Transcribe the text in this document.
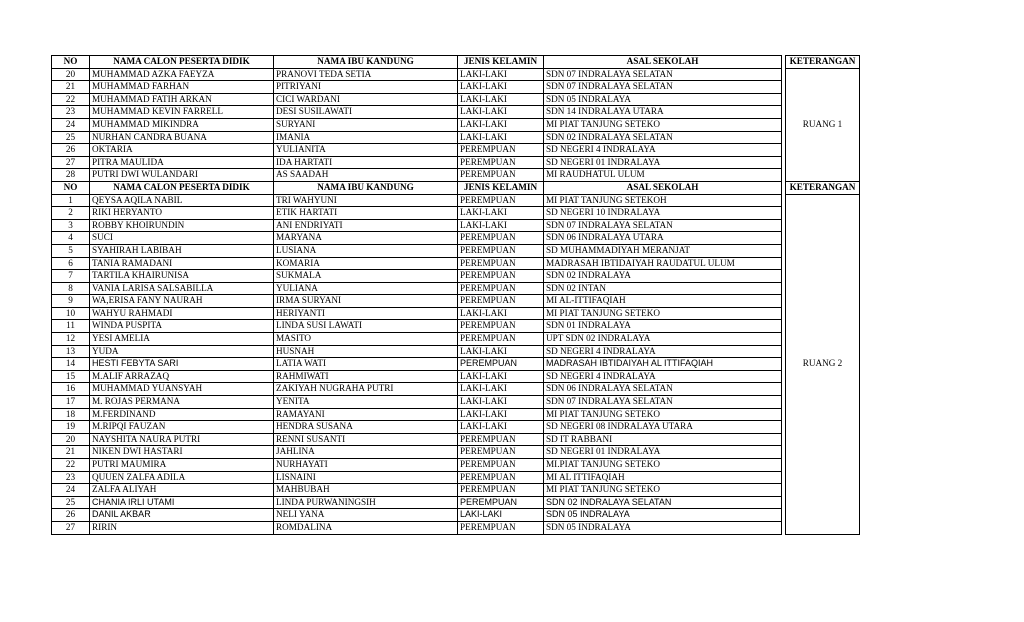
NO	NAMA CALON PESERTA DIDIK	NAMA IBU KANDUNG	JENIS KELAMIN	ASAL SEKOLAH		KETERANGAN
20	MUHAMMAD AZKA FAEYZA	PRANOVI TEDA SETIA	LAKI-LAKI	SDN 07 INDRALAYA SELATAN		RUANG 1
21	MUHAMMAD FARHAN	PITRIYANI	LAKI-LAKI	SDN 07 INDRALAYA SELATAN		
22	MUHAMMAD FATIH ARKAN	CICI WARDANI	LAKI-LAKI	SDN 05 INDRALAYA		
23	MUHAMMAD KEVIN FARRELL	DESI SUSILAWATI	LAKI-LAKI	SDN 14 INDRALAYA UTARA		
24	MUHAMMAD MIKINDRA	SURYANI	LAKI-LAKI	MI PIAT TANJUNG SETEKO		
25	NURHAN CANDRA BUANA	IMANIA	LAKI-LAKI	SDN 02 INDRALAYA SELATAN		
26	OKTARIA	YULIANITA	PEREMPUAN	SD NEGERI 4 INDRALAYA		
27	PITRA MAULIDA	IDA HARTATI	PEREMPUAN	SD NEGERI 01 INDRALAYA		
28	PUTRI DWI WULANDARI	AS SAADAH	PEREMPUAN	MI RAUDHATUL ULUM		
NO	NAMA CALON PESERTA DIDIK	NAMA IBU KANDUNG	JENIS KELAMIN	ASAL SEKOLAH		KETERANGAN
1	QEYSA AQILA NABIL	TRI WAHYUNI	PEREMPUAN	MI PIAT TANJUNG SETEKOH		RUANG 2
2	RIKI HERYANTO	ETIK HARTATI	LAKI-LAKI	SD NEGERI 10 INDRALAYA		
3	ROBBY KHOIRUNDIN	ANI ENDRIYATI	LAKI-LAKI	SDN 07 INDRALAYA SELATAN		
4	SUCI	MARYANA	PEREMPUAN	SDN 06 INDRALAYA UTARA		
5	SYAHIRAH LABIBAH	LUSIANA	PEREMPUAN	SD MUHAMMADIYAH MERANJAT		
6	TANIA RAMADANI	KOMARIA	PEREMPUAN	MADRASAH IBTIDAIYAH RAUDATUL ULUM		
7	TARTILA KHAIRUNISA	SUKMALA	PEREMPUAN	SDN 02 INDRALAYA		
8	VANIA LARISA SALSABILLA	YULIANA	PEREMPUAN	SDN 02 INTAN		
9	WA,ERISA FANY NAURAH	IRMA SURYANI	PEREMPUAN	MI AL-ITTIFAQIAH		
10	WAHYU RAHMADI	HERIYANTI	LAKI-LAKI	MI PIAT TANJUNG SETEKO		
11	WINDA PUSPITA	LINDA SUSI LAWATI	PEREMPUAN	SDN 01 INDRALAYA		
12	YESI AMELIA	MASITO	PEREMPUAN	UPT SDN 02 INDRALAYA		
13	YUDA	HUSNAH	LAKI-LAKI	SD NEGERI 4 INDRALAYA		
14	HESTI FEBYTA SARI	LATIA WATI	PEREMPUAN	MADRASAH IBTIDAIYAH AL ITTIFAQIAH		
15	M.ALIF ARRAZAQ	RAHMIWATI	LAKI-LAKI	SD NEGERI 4 INDRALAYA		
16	MUHAMMAD YUANSYAH	ZAKIYAH NUGRAHA PUTRI	LAKI-LAKI	SDN 06 INDRALAYA SELATAN		
17	M. ROJAS PERMANA	YENITA	LAKI-LAKI	SDN 07 INDRALAYA SELATAN		
18	M.FERDINAND	RAMAYANI	LAKI-LAKI	MI PIAT TANJUNG SETEKO		
19	M.RIPQI FAUZAN	HENDRA SUSANA	LAKI-LAKI	SD NEGERI 08 INDRALAYA UTARA		
20	NAYSHITA NAURA PUTRI	RENNI SUSANTI	PEREMPUAN	SD IT RABBANI		
21	NIKEN DWI HASTARI	JAHLINA	PEREMPUAN	SD NEGERI 01 INDRALAYA		
22	PUTRI MAUMIRA	NURHAYATI	PEREMPUAN	MI.PIAT TANJUNG SETEKO		
23	QUUEN ZALFA ADILA	LISNAINI	PEREMPUAN	MI AL ITTIFAQIAH		
24	ZALFA ALIYAH	MAHBUBAH	PEREMPUAN	MI PIAT TANJUNG SETEKO		
25	CHANIA IRLI UTAMI	LINDA PURWANINGSIH	PEREMPUAN	SDN 02 INDRALAYA SELATAN		
26	DANIL AKBAR	NELI YANA	LAKI-LAKI	SDN 05 INDRALAYA		
27	RIRIN	ROMDALINA	PEREMPUAN	SDN 05 INDRALAYA		
